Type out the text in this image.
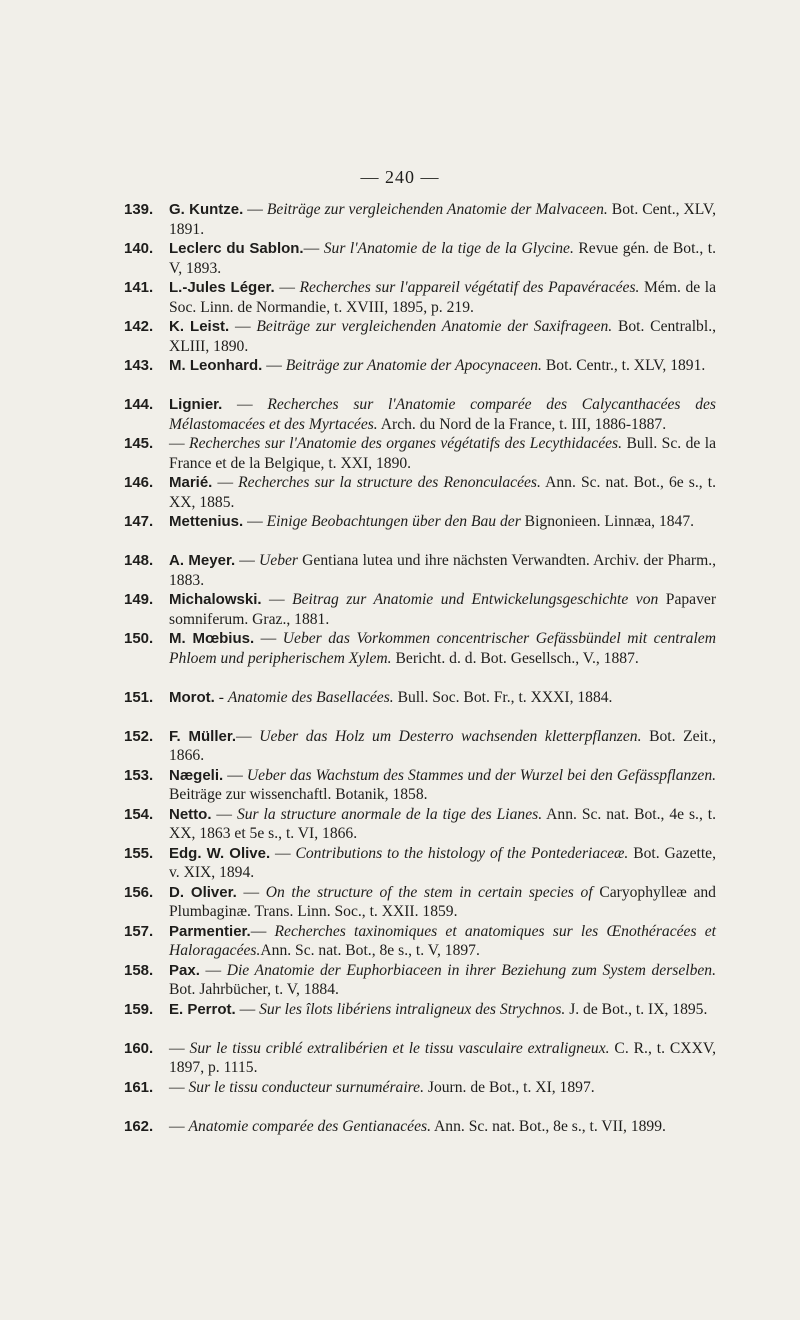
— 240 —
139. G. Kuntze. — Beiträge zur vergleichenden Anatomie der Malvaceen. Bot. Cent., XLV, 1891.
140. Leclerc du Sablon.— Sur l'Anatomie de la tige de la Glycine. Revue gén. de Bot., t. V, 1893.
141. L.-Jules Léger. — Recherches sur l'appareil végétatif des Papavéracées. Mém. de la Soc. Linn. de Normandie, t. XVIII, 1895, p. 219.
142. K. Leist. — Beiträge zur vergleichenden Anatomie der Saxifrageen. Bot. Centralbl., XLIII, 1890.
143. M. Leonhard. — Beiträge zur Anatomie der Apocynaceen. Bot. Centr., t. XLV, 1891.
144. Lignier. — Recherches sur l'Anatomie comparée des Calycanthacées des Mélastomacées et des Myrtacées. Arch. du Nord de la France, t. III, 1886-1887.
145. — Recherches sur l'Anatomie des organes végétatifs des Lecythidacées. Bull. Sc. de la France et de la Belgique, t. XXI, 1890.
146. Marié. — Recherches sur la structure des Renonculacées. Ann. Sc. nat. Bot., 6e s., t. XX, 1885.
147. Mettenius. — Einige Beobachtungen über den Bau der Bignonieen. Linnæa, 1847.
148. A. Meyer. — Ueber Gentiana lutea und ihre nächsten Verwandten. Archiv. der Pharm., 1883.
149. Michalowski. — Beitrag zur Anatomie und Entwickelungsgeschichte von Papaver somniferum. Graz., 1881.
150. M. Mœbius. — Ueber das Vorkommen concentrischer Gefässbündel mit centralem Phloem und peripherischem Xylem. Bericht. d. d. Bot. Gesellsch., V., 1887.
151. Morot. - Anatomie des Basellacées. Bull. Soc. Bot. Fr., t. XXXI, 1884.
152. F. Müller.— Ueber das Holz um Desterro wachsenden kletterpflanzen. Bot. Zeit., 1866.
153. Nægeli. — Ueber das Wachstum des Stammes und der Wurzel bei den Gefässpflanzen. Beiträge zur wissenchaftl. Botanik, 1858.
154. Netto. — Sur la structure anormale de la tige des Lianes. Ann. Sc. nat. Bot., 4e s., t. XX, 1863 et 5e s., t. VI, 1866.
155. Edg. W. Olive. — Contributions to the histology of the Pontederiaceæ. Bot. Gazette, v. XIX, 1894.
156. D. Oliver. — On the structure of the stem in certain species of Caryophylleæ and Plumbaginæ. Trans. Linn. Soc., t. XXII. 1859.
157. Parmentier.— Recherches taxinomiques et anatomiques sur les Œnothéracées et Haloragacées.Ann. Sc. nat. Bot., 8e s., t. V, 1897.
158. Pax. — Die Anatomie der Euphorbiaceen in ihrer Beziehung zum System derselben. Bot. Jahrbücher, t. V, 1884.
159. E. Perrot. — Sur les îlots libériens intraligneux des Strychnos. J. de Bot., t. IX, 1895.
160. — Sur le tissu criblé extralibérien et le tissu vasculaire extraligneux. C. R., t. CXXV, 1897, p. 1115.
161. — Sur le tissu conducteur surnuméraire. Journ. de Bot., t. XI, 1897.
162. — Anatomie comparée des Gentianacées. Ann. Sc. nat. Bot., 8e s., t. VII, 1899.
